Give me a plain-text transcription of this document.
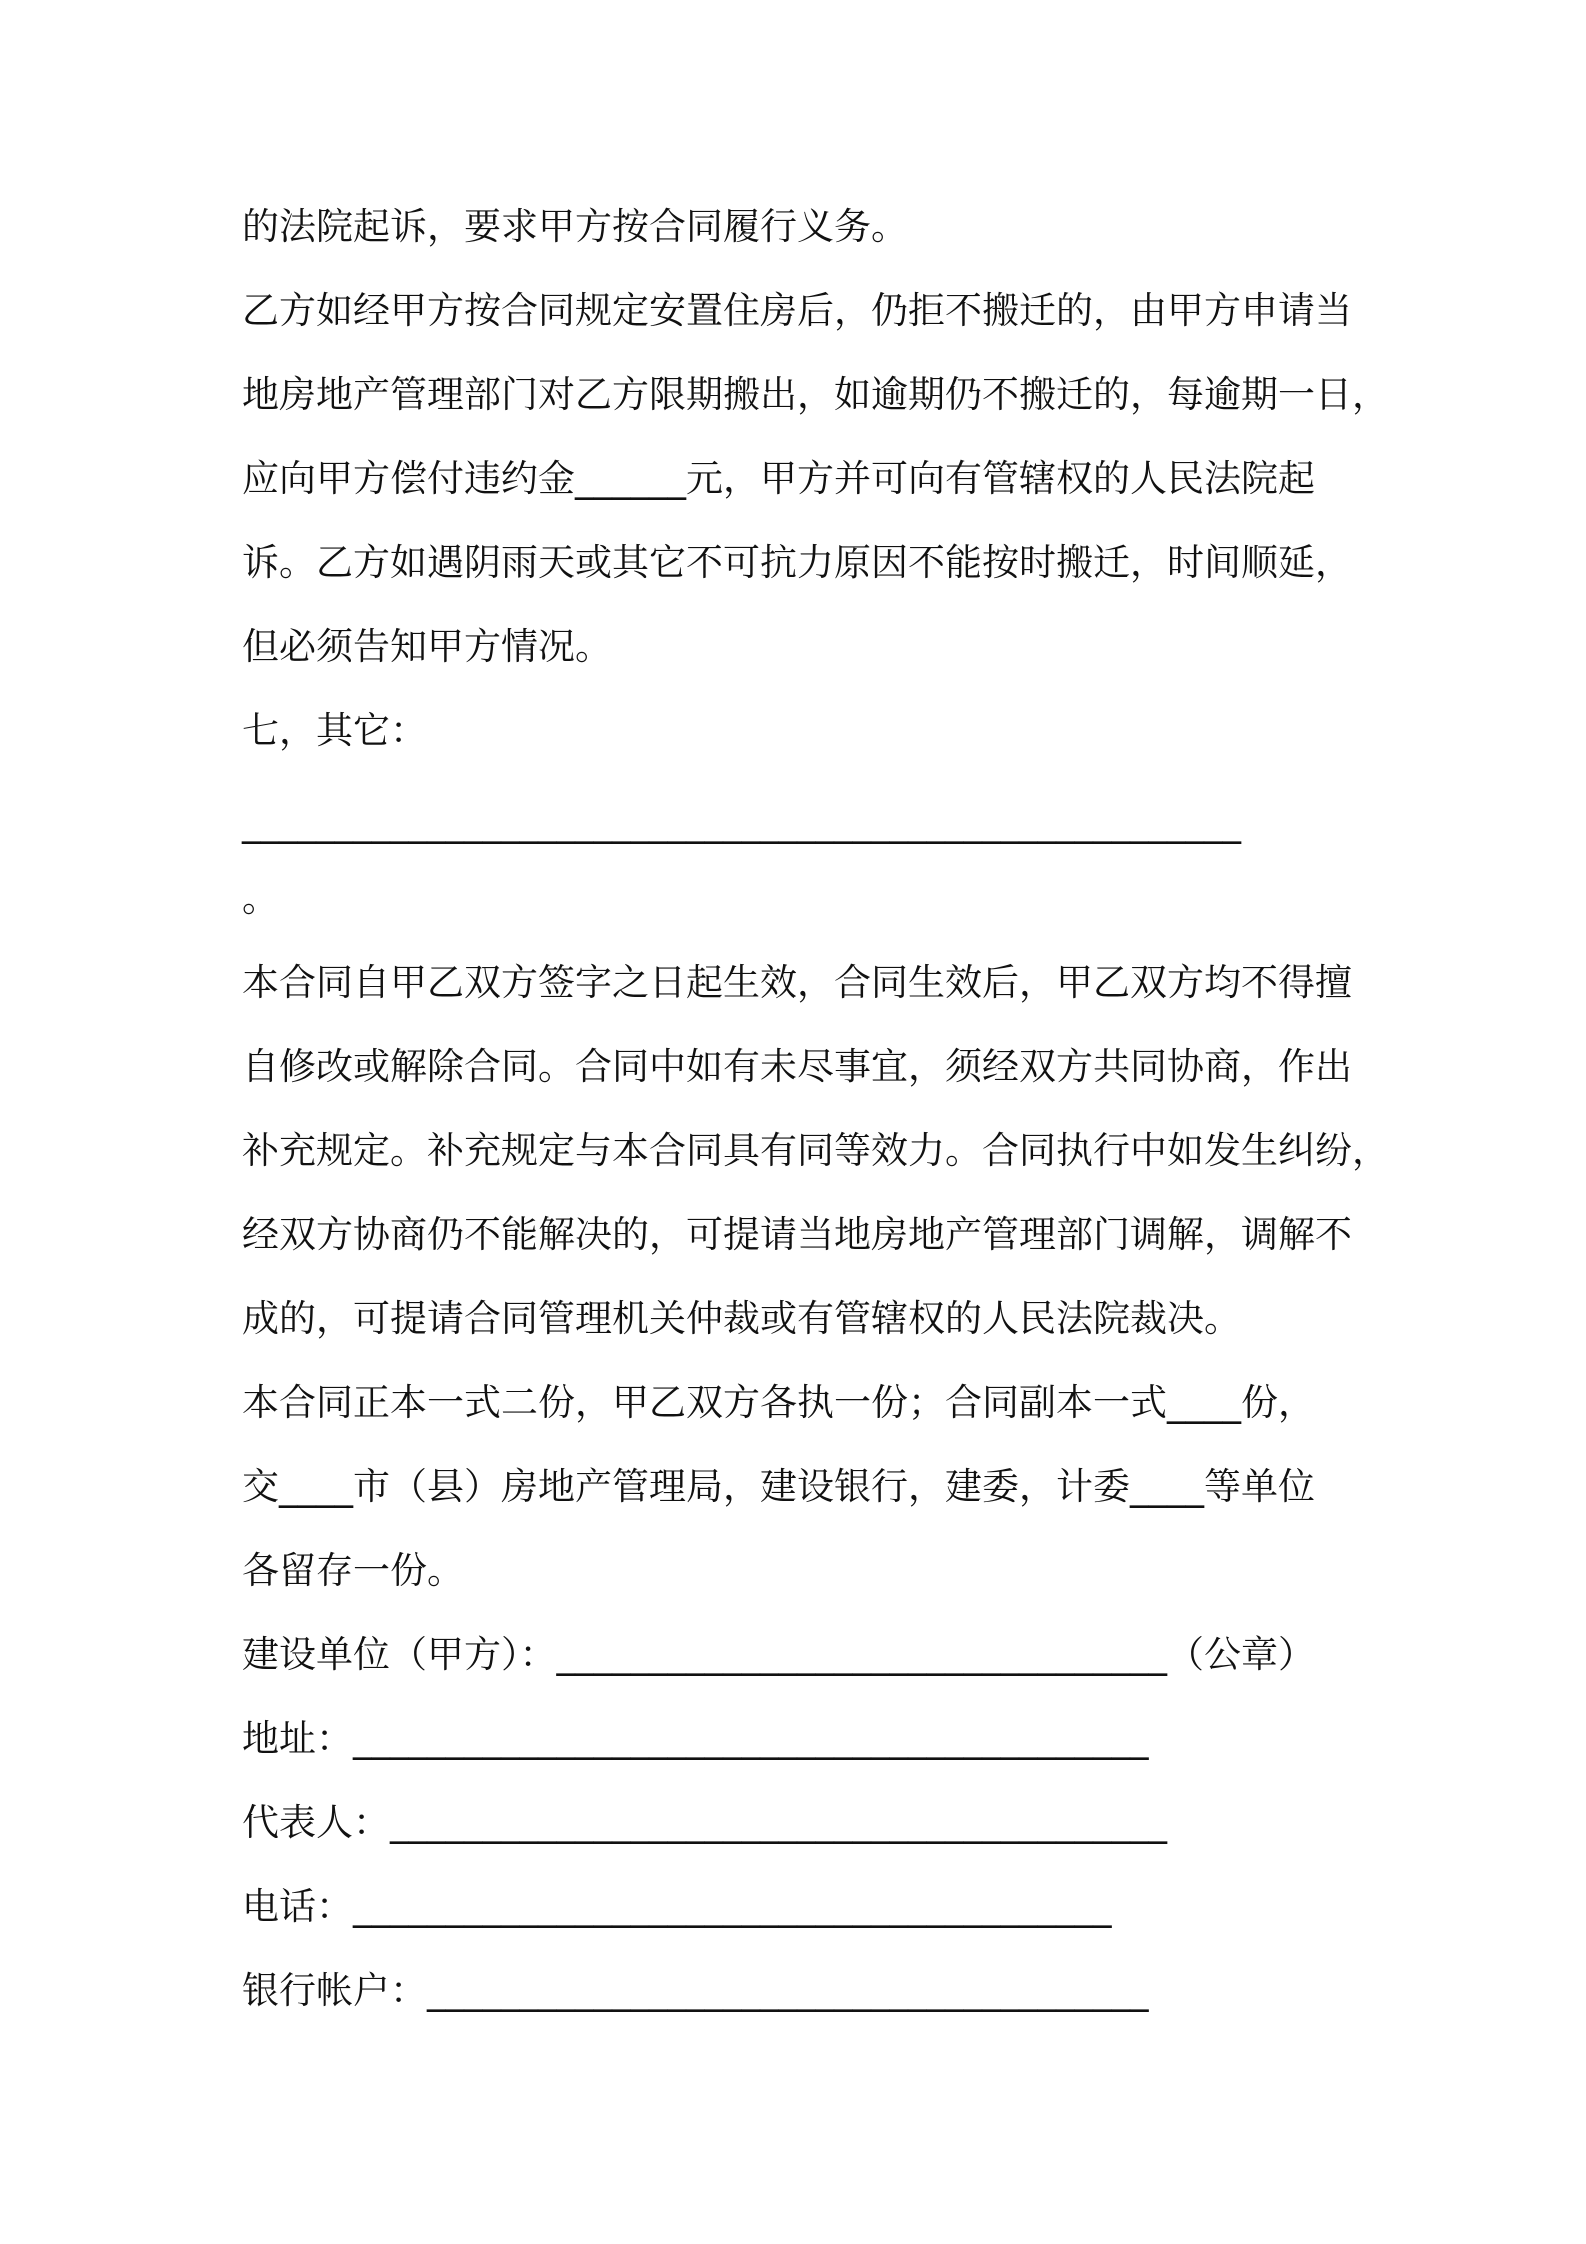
的法院起诉，要求甲方按合同履行义务。

乙方如经甲方按合同规定安置住房后，仍拒不搬迁的，由甲方申请当

地房地产管理部门对乙方限期搬出，如逾期仍不搬迁的，每逾期一日，

应向甲方偿付违约金______元，甲方并可向有管辖权的人民法院起

诉。乙方如遇阴雨天或其它不可抗力原因不能按时搬迁，时间顺延，

但必须告知甲方情况。

七，其它：

______________________________________________________

。

本合同自甲乙双方签字之日起生效，合同生效后，甲乙双方均不得擅

自修改或解除合同。合同中如有未尽事宜，须经双方共同协商，作出

补充规定。补充规定与本合同具有同等效力。合同执行中如发生纠纷，

经双方协商仍不能解决的，可提请当地房地产管理部门调解，调解不

成的，可提请合同管理机关仲裁或有管辖权的人民法院裁决。

本合同正本一式二份，甲乙双方各执一份；合同副本一式____份，

交____市（县）房地产管理局，建设银行，建委，计委____等单位

各留存一份。

建设单位（甲方）：_________________________________（公章）

地址：___________________________________________

代表人：__________________________________________

电话：_________________________________________

银行帐户：_______________________________________
